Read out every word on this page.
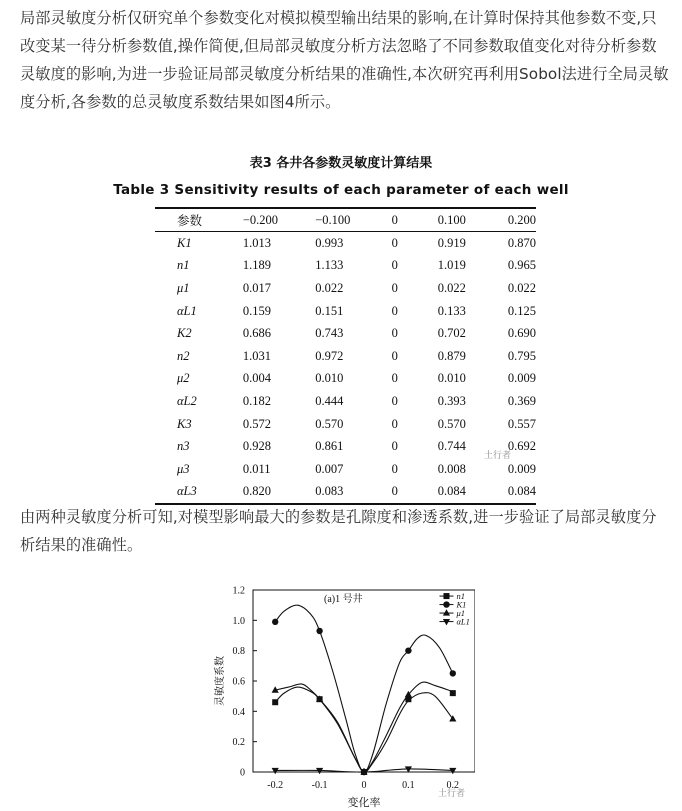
局部灵敏度分析仅研究单个参数变化对模拟模型输出结果的影响,在计算时保持其他参数不变,只改变某一待分析参数值,操作简便,但局部灵敏度分析方法忽略了不同参数取值变化对待分析参数灵敏度的影响,为进一步验证局部灵敏度分析结果的准确性,本次研究再利用Sobol法进行全局灵敏度分析,各参数的总灵敏度系数结果如图4所示。
表3 各井各参数灵敏度计算结果
Table 3 Sensitivity results of each parameter of each well
参数	−0.200	−0.100	0	0.100	0.200
K1	1.013	0.993	0	0.919	0.870
n1	1.189	1.133	0	1.019	0.965
μ1	0.017	0.022	0	0.022	0.022
αL1	0.159	0.151	0	0.133	0.125
K2	0.686	0.743	0	0.702	0.690
n2	1.031	0.972	0	0.879	0.795
μ2	0.004	0.010	0	0.010	0.009
αL2	0.182	0.444	0	0.393	0.369
K3	0.572	0.570	0	0.570	0.557
n3	0.928	0.861	0	0.744	0.692
μ3	0.011	0.007	0	0.008	0.009
αL3	0.820	0.083	0	0.084	0.084
土行者
由两种灵敏度分析可知,对模型影响最大的参数是孔隙度和渗透系数,进一步验证了局部灵敏度分析结果的准确性。
0
0.2
0.4
0.6
0.8
1.0
1.2
-0.2	-0.1	0	0.1	0.2
变化率
灵敏度系数
(a)1 号井	n1
K1
μ1
αL1
土行者
